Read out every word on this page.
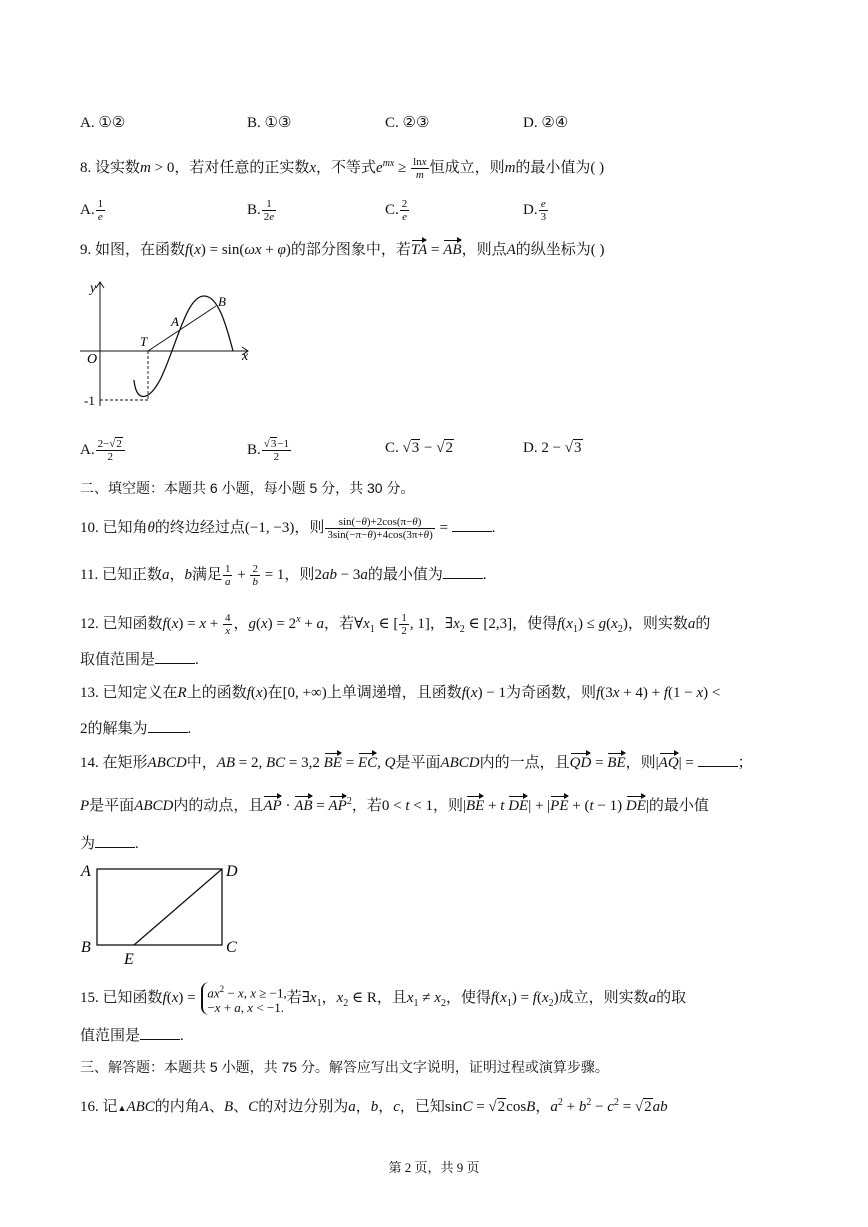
A. ①②	B. ①③	C. ②③	D. ②④
8. 设实数m > 0，若对任意的正实数x，不等式$e^{mx} \ge \frac{\ln x}{m}$ 恒成立，则m的最小值为( )
A. $\frac{1}{e}$	B. $\frac{1}{2e}$	C. $\frac{2}{e}$	D. $\frac{e}{3}$
9. 如图，在函数f(x) = sin(ωx + φ)的部分图象中，若TA = AB，则点A的纵坐标为( )
y
x
O
T
A
B
-1
A. $\frac{2-√2}{2}$	B. $\frac{√3-1}{2}$	C. √3 − √2	D. 2 − √3
二、填空题：本题共 6 小题，每小题 5 分，共 30 分。
10. 已知角θ的终边经过点(−1, −3)，则 $\frac{\sin(-\theta)+2\cos(\pi-\theta)}{3\sin(-\pi-\theta)+4\cos(3\pi+\theta)}$ =	.
11. 已知正数a，b满足 $\frac{1}{a} + \frac{2}{b} = 1$，则2ab − 3a的最小值为	.
12. 已知函数$f(x) = x + \frac{4}{x}$ ，$g(x) = 2^x + a$，若$\forall x_1$ ∈ [ $\frac{1}{2}$ , 1]，$\exists x_2$ ∈ [2,3]，使得$f(x_1) \le g(x_2)$，则实数a的
取值范围是	.
13. 已知定义在R上的函数f(x)在[0, +∞)上单调递增，且函数f(x) − 1为奇函数，则f(3x + 4) + f(1 − x) <
2的解集为	.
14. 在矩形ABCD中，AB = 2, BC = 3,2 BE = EC, Q是平面ABCD内的一点，且QD = BE，则|AQ| =	；
P是平面ABCD内的动点，且AP · AB = $AP^2$，若0 < t < 1，则|BE + t DE| + |PE + (t − 1) DE|的最小值
为	.
A
B	C
D
E
15. 已知函数$f(x) = ax^2 - x$, x ≥ −1,
−x + a, x < −1.若$\exists x_1$，$x_2$ ∈ R，且$x_1 \ne x_2$，使得$f(x_1) = f(x_2)$成立，则实数a的取
值范围是	.
三、解答题：本题共 5 小题，共 75 分。解答应写出文字说明，证明过程或演算步骤。
16. 记▲ABC的内角A、B、C的对边分别为a，b，c，已知sinC = √2cosB，$a^2 + b^2 - c^2 = √2ab$
第 2 页，共 9 页
